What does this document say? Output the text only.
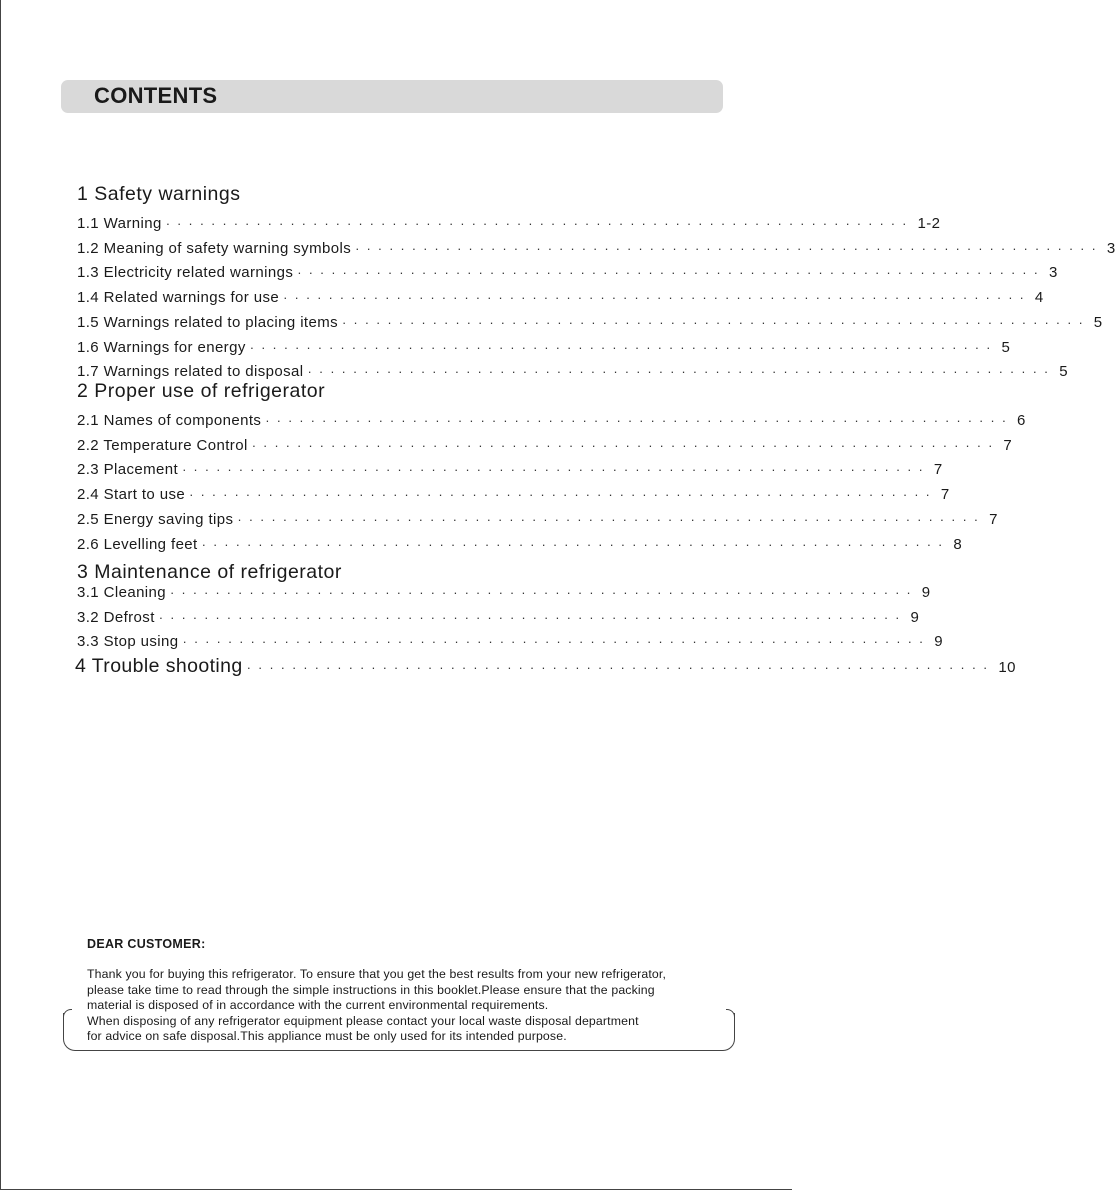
CONTENTS
1 Safety warnings
1.1 Warning ·································································· 1-2
1.2 Meaning of safety warning symbols ·································································· 3
1.3 Electricity related warnings ·································································· 3
1.4 Related warnings for use ·································································· 4
1.5 Warnings related to placing items ·································································· 5
1.6 Warnings for energy ·································································· 5
1.7 Warnings related to disposal ·································································· 5
2 Proper use of refrigerator
2.1 Names of components ·································································· 6
2.2 Temperature Control ·································································· 7
2.3 Placement ·································································· 7
2.4 Start to use ·································································· 7
2.5 Energy saving tips ·································································· 7
2.6 Levelling feet ·································································· 8
3 Maintenance of refrigerator
3.1 Cleaning ·································································· 9
3.2 Defrost ·································································· 9
3.3 Stop using ·································································· 9
4 Trouble shooting ·································································· 10
DEAR CUSTOMER:

Thank you for buying this refrigerator. To ensure that you get the best results from your new refrigerator,

please take time to read through the simple instructions in this booklet.Please ensure that the packing

material is disposed of in accordance with the current environmental requirements.

When disposing of any refrigerator equipment please contact your local waste disposal department

for advice on safe disposal.This appliance must be only used for its intended purpose.
